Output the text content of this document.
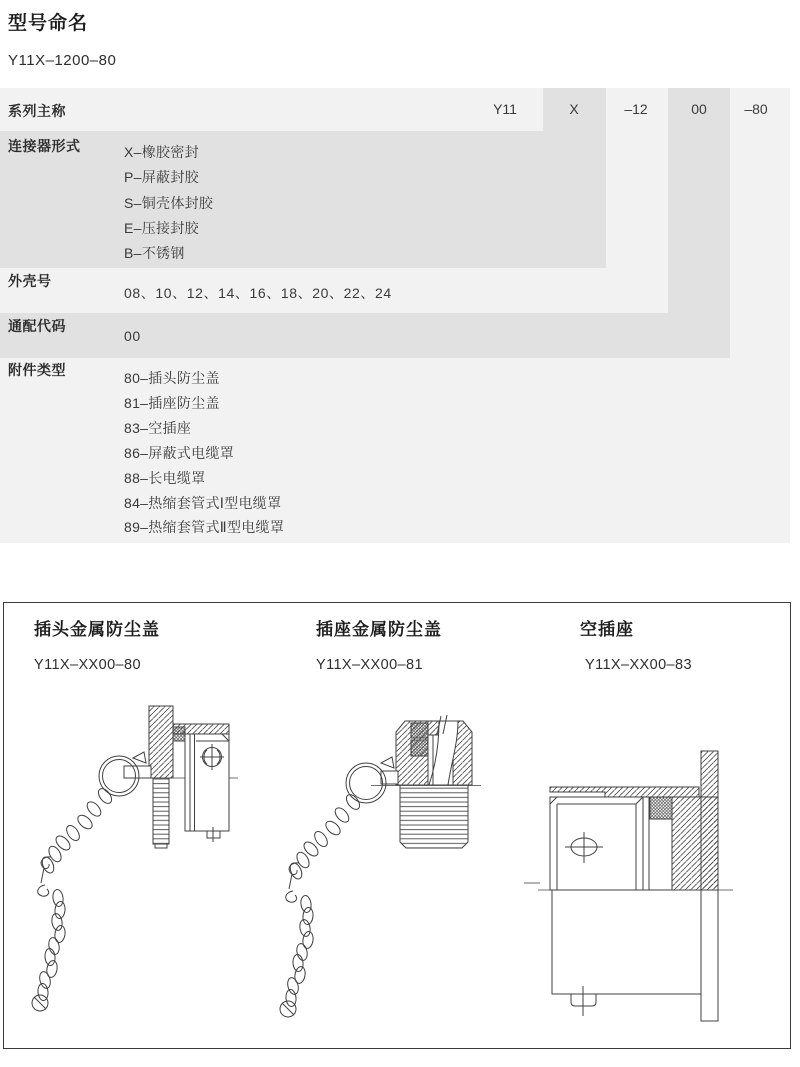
型号命名
Y11X–1200–80
系列主称	Y11	X	–12	00	–80
连接器形式	X–橡胶密封
P–屏蔽封胶
S–铜壳体封胶
E–压接封胶
B–不锈钢
外壳号
08、10、12、14、16、18、20、22、24
通配代码
00
附件类型	80–插头防尘盖
81–插座防尘盖
83–空插座
86–屏蔽式电缆罩
88–长电缆罩
84–热缩套管式Ⅰ型电缆罩
89–热缩套管式Ⅱ型电缆罩
插头金属防尘盖
Y11X–XX00–80
插座金属防尘盖
Y11X–XX00–81
空插座
Y11X–XX00–83
